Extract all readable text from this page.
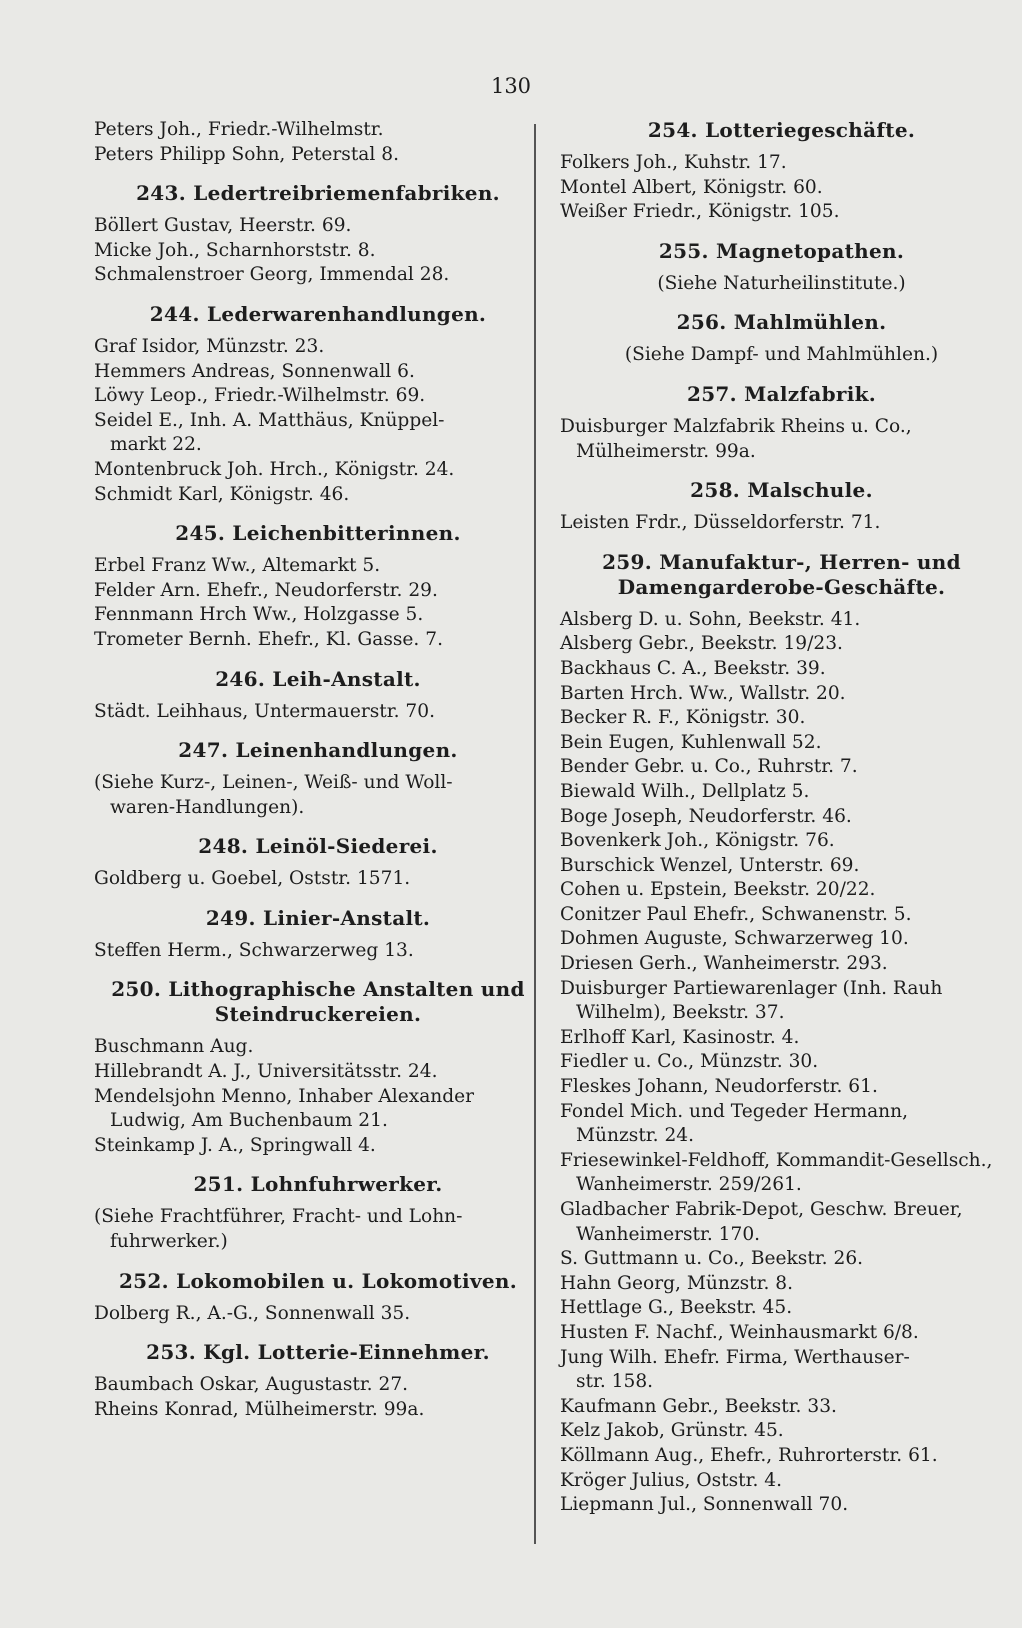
130
Peters Joh., Friedr.-Wilhelmstr.
Peters Philipp Sohn, Peterstal 8.
243. Ledertreibriemenfabriken.
Böllert Gustav, Heerstr. 69.
Micke Joh., Scharnhorststr. 8.
Schmalenstroer Georg, Immendal 28.
244. Lederwarenhandlungen.
Graf Isidor, Münzstr. 23.
Hemmers Andreas, Sonnenwall 6.
Löwy Leop., Friedr.-Wilhelmstr. 69.
Seidel E., Inh. A. Matthäus, Knüppel-
markt 22.
Montenbruck Joh. Hrch., Königstr. 24.
Schmidt Karl, Königstr. 46.
245. Leichenbitterinnen.
Erbel Franz Ww., Altemarkt 5.
Felder Arn. Ehefr., Neudorferstr. 29.
Fennmann Hrch Ww., Holzgasse 5.
Trometer Bernh. Ehefr., Kl. Gasse. 7.
246. Leih-Anstalt.
Städt. Leihhaus, Untermauerstr. 70.
247. Leinenhandlungen.
(Siehe Kurz-, Leinen-, Weiß- und Woll-
waren-Handlungen).
248. Leinöl-Siederei.
Goldberg u. Goebel, Oststr. 1571.
249. Linier-Anstalt.
Steffen Herm., Schwarzerweg 13.
250. Lithographische Anstalten und
Steindruckereien.
Buschmann Aug.
Hillebrandt A. J., Universitätsstr. 24.
Mendelsjohn Menno, Inhaber Alexander
Ludwig, Am Buchenbaum 21.
Steinkamp J. A., Springwall 4.
251. Lohnfuhrwerker.
(Siehe Frachtführer, Fracht- und Lohn-
fuhrwerker.)
252. Lokomobilen u. Lokomotiven.
Dolberg R., A.-G., Sonnenwall 35.
253. Kgl. Lotterie-Einnehmer.
Baumbach Oskar, Augustastr. 27.
Rheins Konrad, Mülheimerstr. 99a.
254. Lotteriegeschäfte.
Folkers Joh., Kuhstr. 17.
Montel Albert, Königstr. 60.
Weißer Friedr., Königstr. 105.
255. Magnetopathen.
(Siehe Naturheilinstitute.)
256. Mahlmühlen.
(Siehe Dampf- und Mahlmühlen.)
257. Malzfabrik.
Duisburger Malzfabrik Rheins u. Co.,
Mülheimerstr. 99a.
258. Malschule.
Leisten Frdr., Düsseldorferstr. 71.
259. Manufaktur-, Herren- und
Damengarderobe-Geschäfte.
Alsberg D. u. Sohn, Beekstr. 41.
Alsberg Gebr., Beekstr. 19/23.
Backhaus C. A., Beekstr. 39.
Barten Hrch. Ww., Wallstr. 20.
Becker R. F., Königstr. 30.
Bein Eugen, Kuhlenwall 52.
Bender Gebr. u. Co., Ruhrstr. 7.
Biewald Wilh., Dellplatz 5.
Boge Joseph, Neudorferstr. 46.
Bovenkerk Joh., Königstr. 76.
Burschick Wenzel, Unterstr. 69.
Cohen u. Epstein, Beekstr. 20/22.
Conitzer Paul Ehefr., Schwanenstr. 5.
Dohmen Auguste, Schwarzerweg 10.
Driesen Gerh., Wanheimerstr. 293.
Duisburger Partiewarenlager (Inh. Rauh
Wilhelm), Beekstr. 37.
Erlhoff Karl, Kasinostr. 4.
Fiedler u. Co., Münzstr. 30.
Fleskes Johann, Neudorferstr. 61.
Fondel Mich. und Tegeder Hermann,
Münzstr. 24.
Friesewinkel-Feldhoff, Kommandit-Gesellsch.,
Wanheimerstr. 259/261.
Gladbacher Fabrik-Depot, Geschw. Breuer,
Wanheimerstr. 170.
S. Guttmann u. Co., Beekstr. 26.
Hahn Georg, Münzstr. 8.
Hettlage G., Beekstr. 45.
Husten F. Nachf., Weinhausmarkt 6/8.
Jung Wilh. Ehefr. Firma, Werthauser-
str. 158.
Kaufmann Gebr., Beekstr. 33.
Kelz Jakob, Grünstr. 45.
Köllmann Aug., Ehefr., Ruhrorterstr. 61.
Kröger Julius, Oststr. 4.
Liepmann Jul., Sonnenwall 70.
